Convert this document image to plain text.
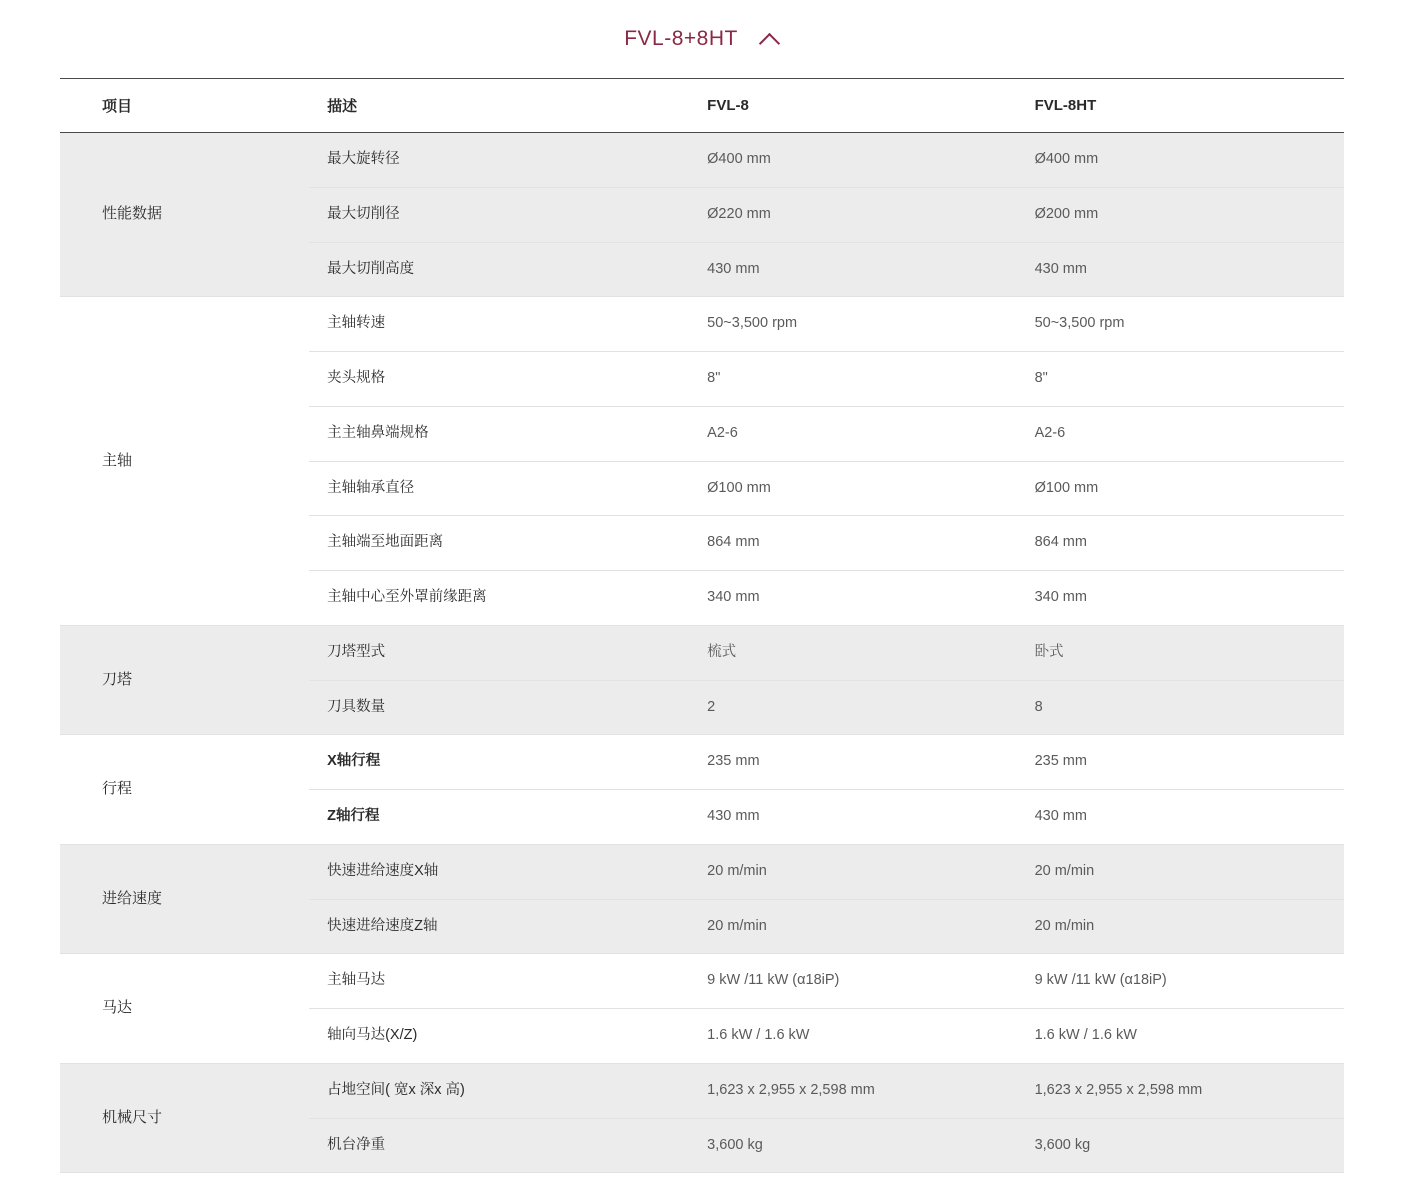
FVL-8+8HT
项目	描述	FVL-8	FVL-8HT
性能数据	最大旋转径	Ø400 mm	Ø400 mm
	最大切削径	Ø220 mm	Ø200 mm
	最大切削高度	430 mm	430 mm
主轴	主轴转速	50~3,500 rpm	50~3,500 rpm
	夹头规格	8"	8"
	主主轴鼻端规格	A2-6	A2-6
	主轴轴承直径	Ø100 mm	Ø100 mm
	主轴端至地面距离	864 mm	864 mm
	主轴中心至外罩前缘距离	340 mm	340 mm
刀塔	刀塔型式	梳式	卧式
	刀具数量	2	8
行程	X轴行程	235 mm	235 mm
	Z轴行程	430 mm	430 mm
进给速度	快速进给速度X轴	20 m/min	20 m/min
	快速进给速度Z轴	20 m/min	20 m/min
马达	主轴马达	9 kW /11 kW (α18iP)	9 kW /11 kW (α18iP)
	轴向马达(X/Z)	1.6 kW / 1.6 kW	1.6 kW / 1.6 kW
机械尺寸	占地空间( 宽x 深x 高)	1,623 x 2,955 x 2,598 mm	1,623 x 2,955 x 2,598 mm
	机台净重	3,600 kg	3,600 kg
